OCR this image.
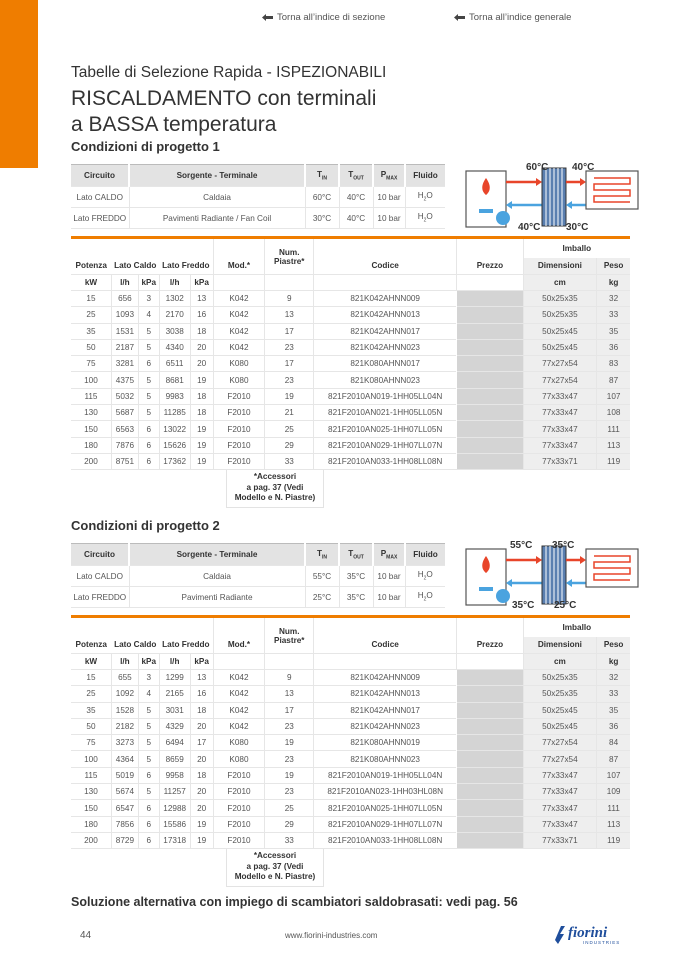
Torna all’indice di sezione	Torna all’indice generale
Tabelle di Selezione Rapida - ISPEZIONABILI
RISCALDAMENTO con terminali
a BASSA temperatura
Condizioni di progetto 1
Circuito	Sorgente - Terminale	$T_{IN}$	$T_{OUT}$	$P_{MAX}$	Fluido
Lato CALDO	Caldaia	60°C	40°C	10 bar	$H_2O$
Lato FREDDO	Pavimenti Radiante / Fan Coil	30°C	40°C	10 bar	$H_2O$
60°C 40°C
40°C	30°C

						Num.
Piastre*			Imballo	
Potenza	Lato Caldo		Lato Freddo		Mod.*		Codice	Prezzo	Dimensioni	Peso
kW	l/h	kPa	l/h	kPa					cm	kg
15	656	3	1302	13	K042	9	821K042AHNN009		50x25x35	32
25	1093	4	2170	16	K042	13	821K042AHNN013		50x25x35	33
35	1531	5	3038	18	K042	17	821K042AHNN017		50x25x45	35
50	2187	5	4340	20	K042	23	821K042AHNN023		50x25x45	36
75	3281	6	6511	20	K080	17	821K080AHNN017		77x27x54	83
100	4375	5	8681	19	K080	23	821K080AHNN023		77x27x54	87
115	5032	5	9983	18	F2010	19	821F2010AN019-1HH05LL04N		77x33x47	107
130	5687	5	11285	18	F2010	21	821F2010AN021-1HH05LL05N		77x33x47	108
150	6563	6	13022	19	F2010	25	821F2010AN025-1HH07LL05N		77x33x47	111
180	7876	6	15626	19	F2010	29	821F2010AN029-1HH07LL07N		77x33x47	113
200	8751	6	17362	19	F2010	33	821F2010AN033-1HH08LL08N		77x33x71	119
*Accessori
a pag. 37 (Vedi
Modello e N. Piastre)
Condizioni di progetto 2
Circuito	Sorgente - Terminale	$T_{IN}$	$T_{OUT}$	$P_{MAX}$	Fluido
Lato CALDO	Caldaia	55°C	35°C	10 bar	$H_2O$
Lato FREDDO	Pavimenti Radiante	25°C	35°C	10 bar	$H_2O$
55°C 35°C
35°C 25°C

						Num.
Piastre*			Imballo	
Potenza	Lato Caldo		Lato Freddo		Mod.*		Codice	Prezzo	Dimensioni	Peso
kW	l/h	kPa	l/h	kPa					cm	kg
15	655	3	1299	13	K042	9	821K042AHNN009		50x25x35	32
25	1092	4	2165	16	K042	13	821K042AHNN013		50x25x35	33
35	1528	5	3031	18	K042	17	821K042AHNN017		50x25x45	35
50	2182	5	4329	20	K042	23	821K042AHNN023		50x25x45	36
75	3273	5	6494	17	K080	19	821K080AHNN019		77x27x54	84
100	4364	5	8659	20	K080	23	821K080AHNN023		77x27x54	87
115	5019	6	9958	18	F2010	19	821F2010AN019-1HH05LL04N		77x33x47	107
130	5674	5	11257	20	F2010	23	821F2010AN023-1HH03HL08N		77x33x47	109
150	6547	6	12988	20	F2010	25	821F2010AN025-1HH07LL05N		77x33x47	111
180	7856	6	15586	19	F2010	29	821F2010AN029-1HH07LL07N		77x33x47	113
200	8729	6	17318	19	F2010	33	821F2010AN033-1HH08LL08N		77x33x71	119
*Accessori
a pag. 37 (Vedi
Modello e N. Piastre)
Soluzione alternativa con impiego di scambiatori saldobrasati: vedi pag. 56
44	www.fiorini-industries.com	fiorini
INDUSTRIES
